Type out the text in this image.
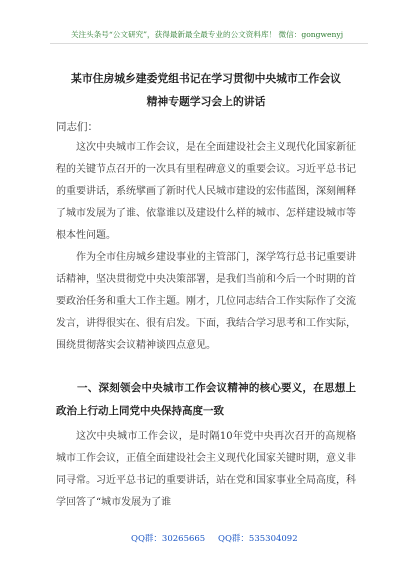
关注头条号“公文研究”，获得最新最全最专业的公文资料库！ 微信：gongwenyj
某市住房城乡建委党组书记在学习贯彻中央城市工作会议
精神专题学习会上的讲话
同志们：
这次中央城市工作会议，是在全面建设社会主义现代化国家新征程的关键节点召开的一次具有里程碑意义的重要会议。习近平总书记的重要讲话，系统擘画了新时代人民城市建设的宏伟蓝图，深刻阐释了城市发展为了谁、依靠谁以及建设什么样的城市、怎样建设城市等根本性问题。
作为全市住房城乡建设事业的主管部门，深学笃行总书记重要讲话精神，坚决贯彻党中央决策部署，是我们当前和今后一个时期的首要政治任务和重大工作主题。刚才，几位同志结合工作实际作了交流发言，讲得很实在、很有启发。下面，我结合学习思考和工作实际，围绕贯彻落实会议精神谈四点意见。
一、深刻领会中央城市工作会议精神的核心要义，在思想上政治上行动上同党中央保持高度一致
这次中央城市工作会议，是时隔10年党中央再次召开的高规格城市工作会议，正值全面建设社会主义现代化国家关键时期，意义非同寻常。习近平总书记的重要讲话，站在党和国家事业全局高度，科学回答了“城市发展为了谁
QQ群：30265665 QQ群：535304092
